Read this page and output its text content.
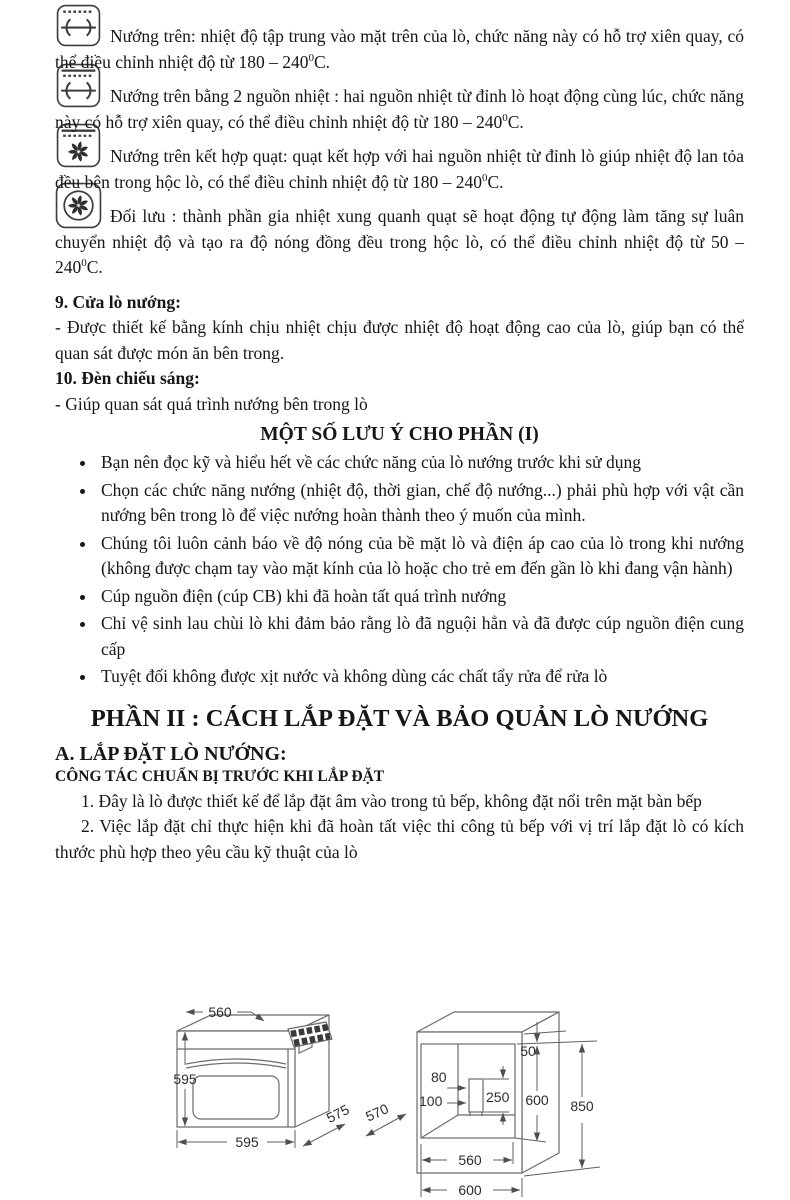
Nướng trên: nhiệt độ tập trung vào mặt trên của lò, chức năng này có hỗ trợ xiên quay, có thể điều chỉnh nhiệt độ từ $180 - 240^0C$.

Nướng trên bằng 2 nguồn nhiệt : hai nguồn nhiệt từ đỉnh lò hoạt động cùng lúc, chức năng này có hỗ trợ xiên quay, có thể điều chỉnh nhiệt độ từ $180 - 240^0C$.

Nướng trên kết hợp quạt: quạt kết hợp với hai nguồn nhiệt từ đỉnh lò giúp nhiệt độ lan tỏa đều bên trong hộc lò, có thể điều chỉnh nhiệt độ từ $180 - 240^0C$.

Đối lưu : thành phần gia nhiệt xung quanh quạt sẽ hoạt động tự động làm tăng sự luân chuyển nhiệt độ và tạo ra độ nóng đồng đều trong hộc lò, có thể điều chỉnh nhiệt độ từ $50 - 240^0C$.

9. Cửa lò nướng:

- Được thiết kế bằng kính chịu nhiệt chịu được nhiệt độ hoạt động cao của lò, giúp bạn có thể quan sát được món ăn bên trong.

10. Đèn chiếu sáng:

- Giúp quan sát quá trình nướng bên trong lò

MỘT SỐ LƯU Ý CHO PHẦN (I)
• Bạn nên đọc kỹ và hiểu hết về các chức năng của lò nướng trước khi sử dụng
• Chọn các chức năng nướng (nhiệt độ, thời gian, chế độ nướng...) phải phù hợp với vật cần nướng bên trong lò để việc nướng hoàn thành theo ý muốn của mình.
• Chúng tôi luôn cảnh báo về độ nóng của bề mặt lò và điện áp cao của lò trong khi nướng (không được chạm tay vào mặt kính của lò hoặc cho trẻ em đến gần lò khi đang vận hành)
• Cúp nguồn điện (cúp CB) khi đã hoàn tất quá trình nướng
• Chỉ vệ sinh lau chùi lò khi đảm bảo rằng lò đã nguội hẳn và đã được cúp nguồn điện cung cấp
• Tuyệt đối không được xịt nước và không dùng các chất tẩy rửa để rửa lò
PHẦN II : CÁCH LẮP ĐẶT VÀ BẢO QUẢN LÒ NƯỚNG
A. LẮP ĐẶT LÒ NƯỚNG:
CÔNG TÁC CHUẨN BỊ TRƯỚC KHI LẮP ĐẶT

1. Đây là lò được thiết kế để lắp đặt âm vào trong tủ bếp, không đặt nổi trên mặt bàn bếp

2. Việc lắp đặt chỉ thực hiện khi đã hoàn tất việc thi công tủ bếp với vị trí lắp đặt lò có kích thước phù hợp theo yêu cầu kỹ thuật của lò

560
595
595
575
80
100	250
50
600 850
570
560
600
